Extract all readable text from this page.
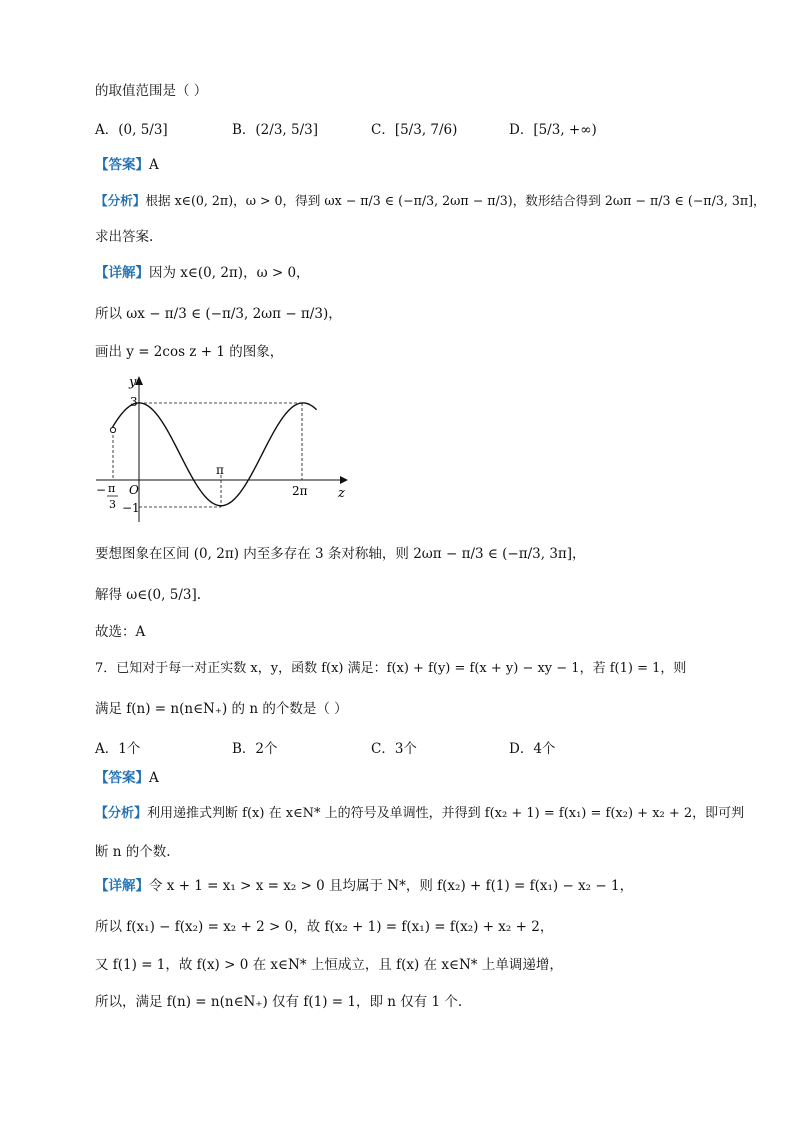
的取值范围是（ ）
A．(0, 5/3]	B．(2/3, 5/3]	C．[5/3, 7/6)	D．[5/3, +∞)
【答案】A
【分析】根据 x∈(0, 2π)，ω > 0，得到 ωx − π/3 ∈ (−π/3, 2ωπ − π/3)，数形结合得到 2ωπ − π/3 ∈ (−π/3, 3π]，
求出答案.
【详解】因为 x∈(0, 2π)，ω > 0，
所以 ωx − π/3 ∈ (−π/3, 2ωπ − π/3)，
画出 y = 2cos z + 1 的图象，
y
z
3
O
−1
π
2π
− π
3
要想图象在区间 (0, 2π) 内至多存在 3 条对称轴，则 2ωπ − π/3 ∈ (−π/3, 3π]，
解得 ω∈(0, 5/3].
故选：A
7．已知对于每一对正实数 x，y，函数 f(x) 满足：f(x) + f(y) = f(x + y) − xy − 1，若 f(1) = 1，则
满足 f(n) = n(n∈N₊) 的 n 的个数是（ ）
A．1个	B．2个	C．3个	D．4个
【答案】A
【分析】利用递推式判断 f(x) 在 x∈N* 上的符号及单调性，并得到 f(x₂ + 1) = f(x₁) = f(x₂) + x₂ + 2，即可判
断 n 的个数.
【详解】令 x + 1 = x₁ > x = x₂ > 0 且均属于 N*，则 f(x₂) + f(1) = f(x₁) − x₂ − 1，
所以 f(x₁) − f(x₂) = x₂ + 2 > 0，故 f(x₂ + 1) = f(x₁) = f(x₂) + x₂ + 2，
又 f(1) = 1，故 f(x) > 0 在 x∈N* 上恒成立，且 f(x) 在 x∈N* 上单调递增，
所以，满足 f(n) = n(n∈N₊) 仅有 f(1) = 1，即 n 仅有 1 个.
